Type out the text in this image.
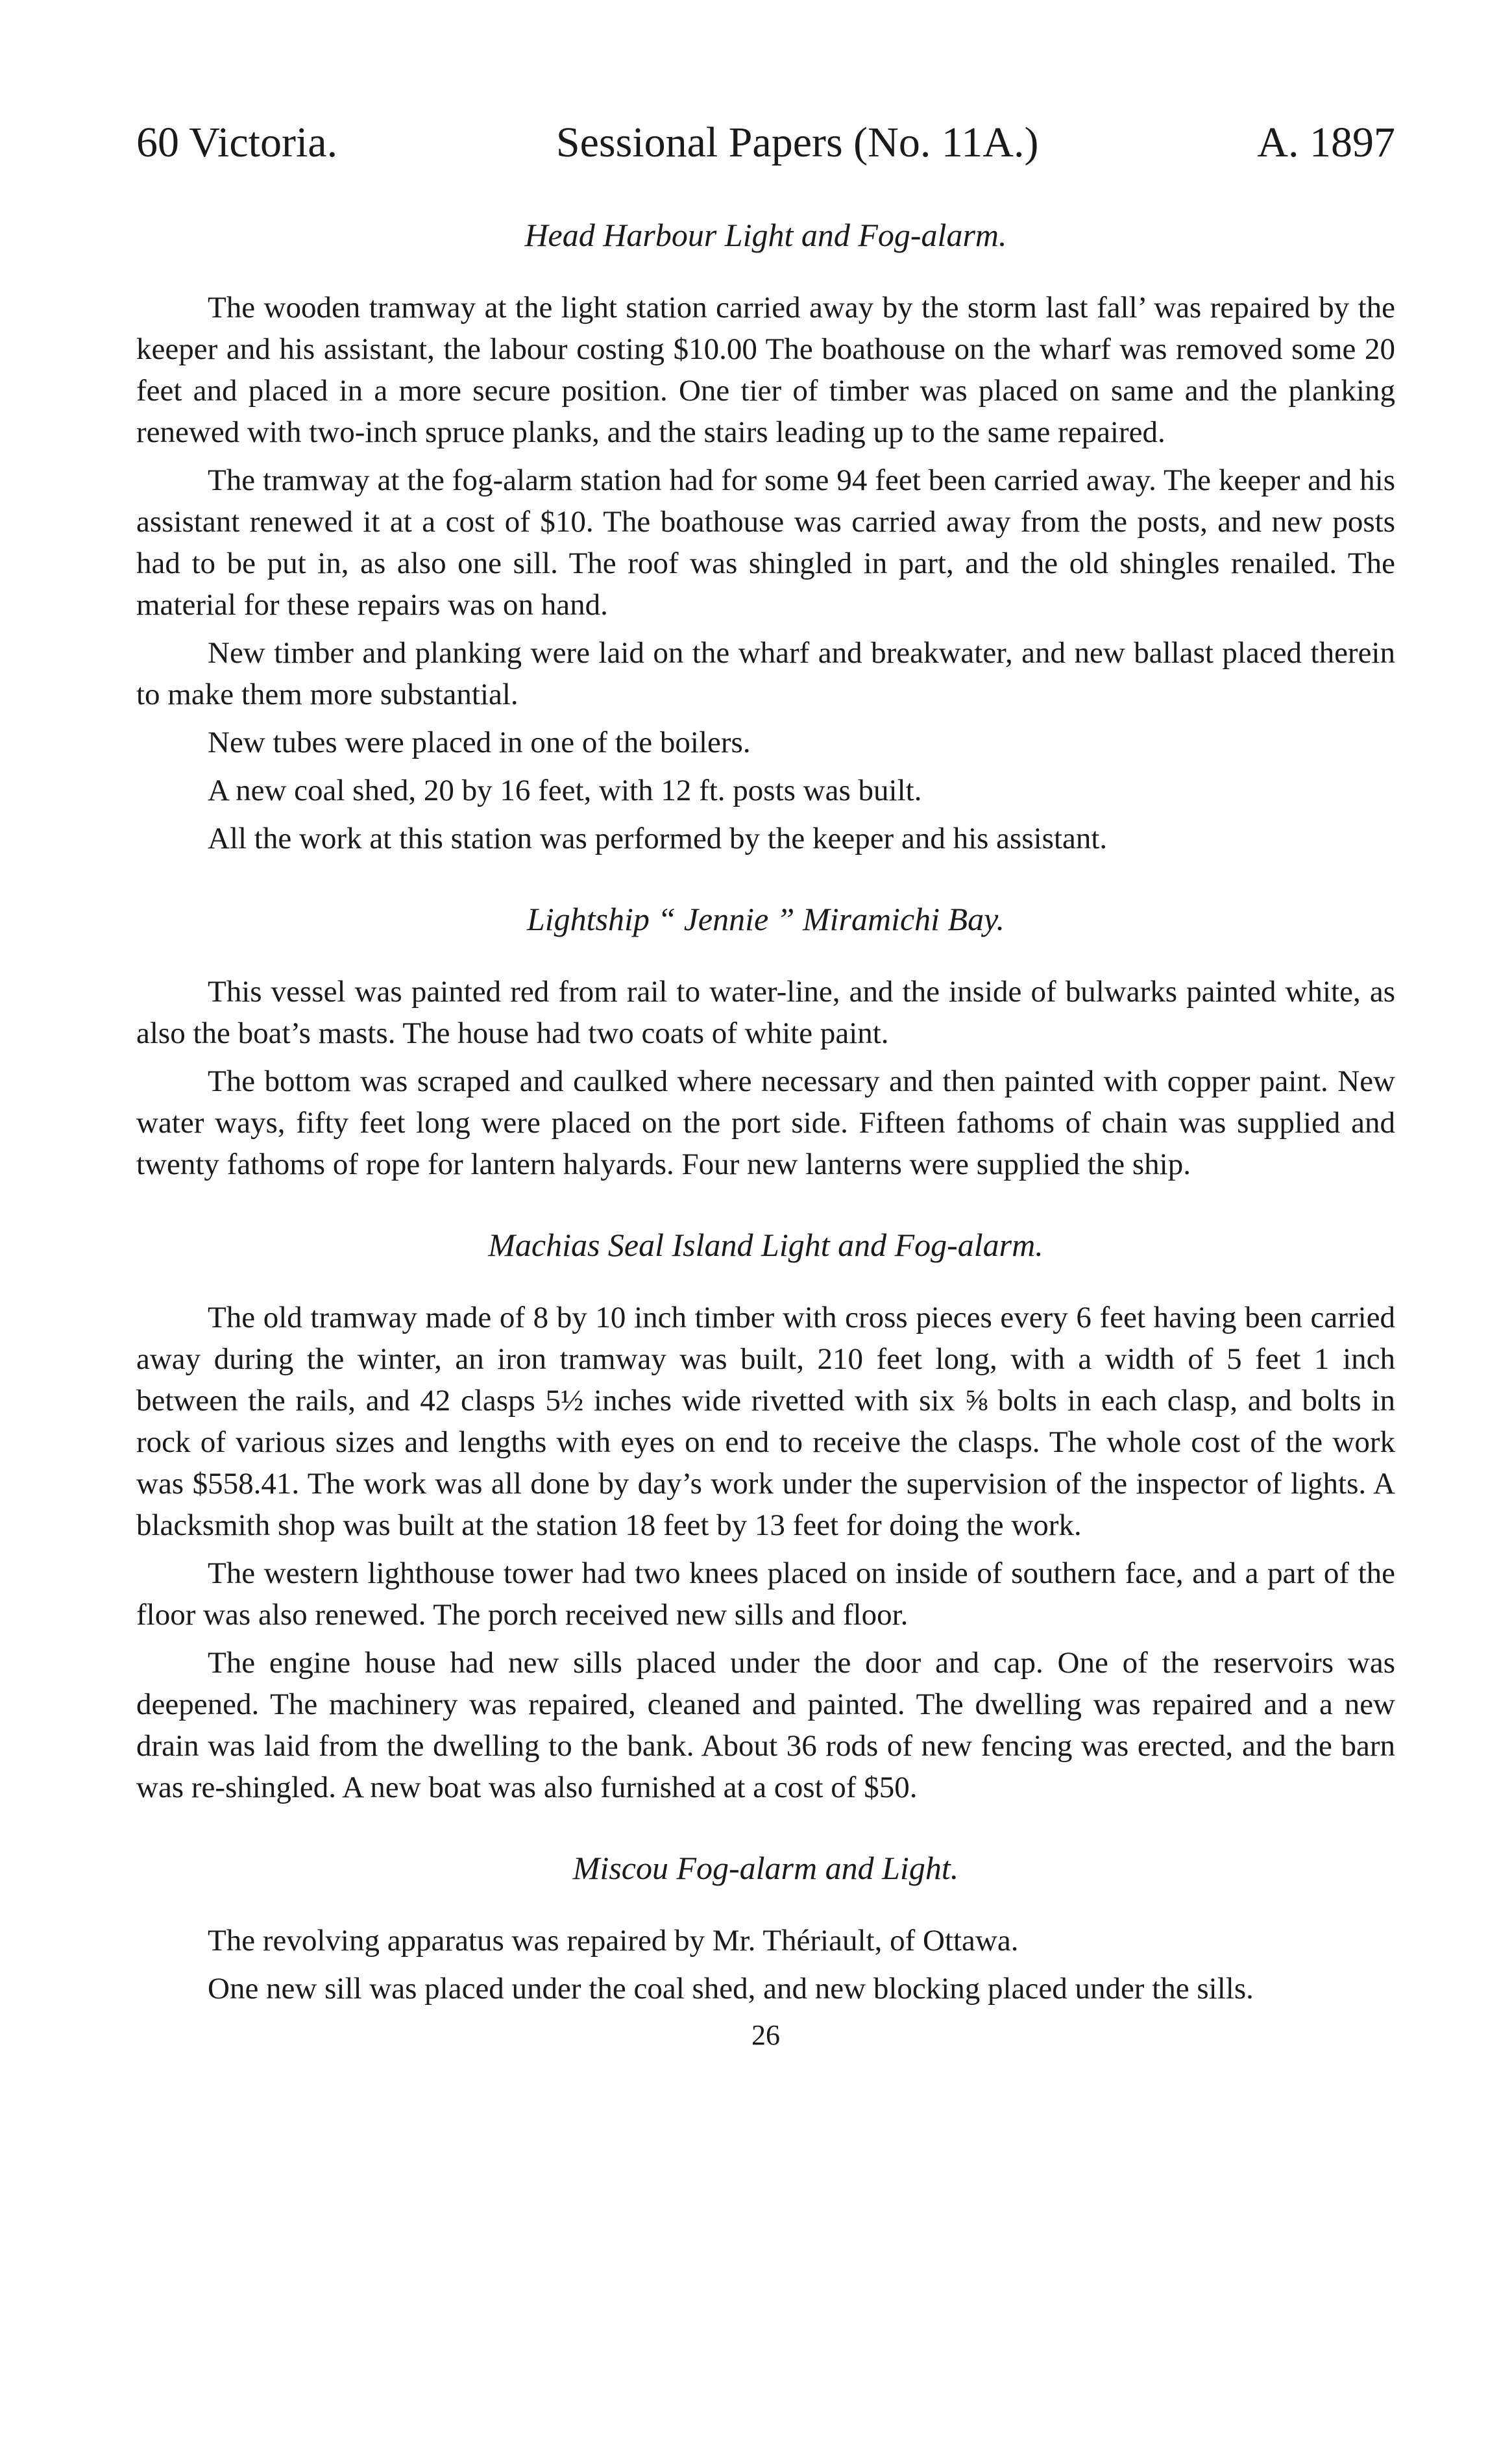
60 Victoria.	Sessional Papers (No. 11A.)	A. 1897
Head Harbour Light and Fog-alarm.

The wooden tramway at the light station carried away by the storm last fall’ was repaired by the keeper and his assistant, the labour costing $10.00 The boathouse on the wharf was removed some 20 feet and placed in a more secure position. One tier of timber was placed on same and the planking renewed with two-inch spruce planks, and the stairs leading up to the same repaired.

The tramway at the fog-alarm station had for some 94 feet been carried away. The keeper and his assistant renewed it at a cost of $10. The boathouse was carried away from the posts, and new posts had to be put in, as also one sill. The roof was shingled in part, and the old shingles renailed. The material for these repairs was on hand.

New timber and planking were laid on the wharf and breakwater, and new ballast placed therein to make them more substantial.

New tubes were placed in one of the boilers.

A new coal shed, 20 by 16 feet, with 12 ft. posts was built.

All the work at this station was performed by the keeper and his assistant.

Lightship “ Jennie ” Miramichi Bay.

This vessel was painted red from rail to water-line, and the inside of bulwarks painted white, as also the boat’s masts. The house had two coats of white paint.

The bottom was scraped and caulked where necessary and then painted with copper paint. New water ways, fifty feet long were placed on the port side. Fifteen fathoms of chain was supplied and twenty fathoms of rope for lantern halyards. Four new lanterns were supplied the ship.

Machias Seal Island Light and Fog-alarm.

The old tramway made of 8 by 10 inch timber with cross pieces every 6 feet having been carried away during the winter, an iron tramway was built, 210 feet long, with a width of 5 feet 1 inch between the rails, and 42 clasps 5½ inches wide rivetted with six ⅝ bolts in each clasp, and bolts in rock of various sizes and lengths with eyes on end to receive the clasps. The whole cost of the work was $558.41. The work was all done by day’s work under the supervision of the inspector of lights. A blacksmith shop was built at the station 18 feet by 13 feet for doing the work.

The western lighthouse tower had two knees placed on inside of southern face, and a part of the floor was also renewed. The porch received new sills and floor.

The engine house had new sills placed under the door and cap. One of the reservoirs was deepened. The machinery was repaired, cleaned and painted. The dwelling was repaired and a new drain was laid from the dwelling to the bank. About 36 rods of new fencing was erected, and the barn was re-shingled. A new boat was also furnished at a cost of $50.

Miscou Fog-alarm and Light.

The revolving apparatus was repaired by Mr. Thériault, of Ottawa.

One new sill was placed under the coal shed, and new blocking placed under the sills.

26
